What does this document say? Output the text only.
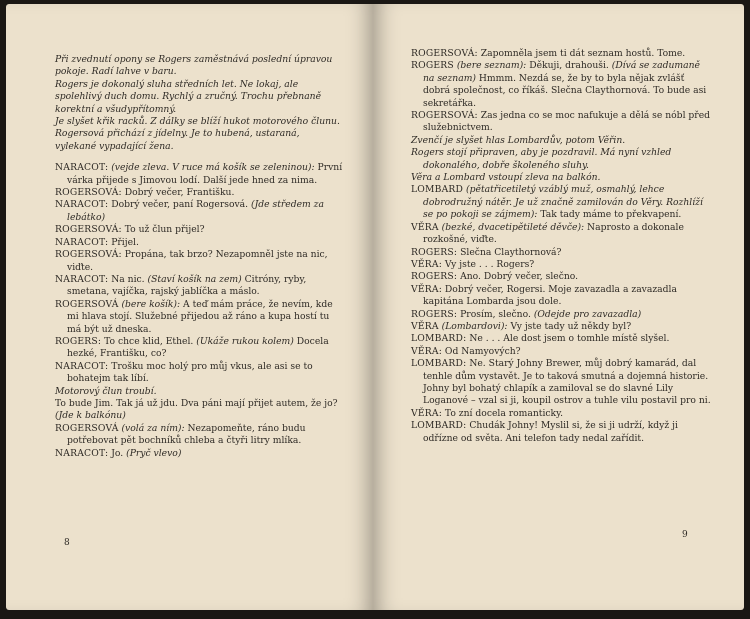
Při zvednutí opony se Rogers zaměstnává poslední úpravou pokoje. Radí lahve v baru.

Rogers je dokonalý sluha středních let. Ne lokaj, ale spolehlivý duch domu. Rychlý a zručný. Trochu přebnaně korektní a všudypřítomný.

Je slyšet křik racků. Z dálky se blíží hukot motorového člunu.

Rogersová přichází z jídelny. Je to hubená, ustaraná, vylekané vypadající žena.

NARACOT: (vejde zleva. V ruce má košík se zeleninou): První várka přijede s Jimovou lodí. Další jede hned za nima.

ROGERSOVÁ: Dobrý večer, Františku.

NARACOT: Dobrý večer, paní Rogersová. (Jde středem za lebátko)

ROGERSOVÁ: To už člun přijel?

NARACOT: Přijel.

ROGERSOVÁ: Propána, tak brzo? Nezapomněl jste na nic, viďte.

NARACOT: Na nic. (Staví košík na zem) Citróny, ryby, smetana, vajíčka, rajský jablíčka a máslo.

ROGERSOVÁ (bere košík): A teď mám práce, že nevím, kde mi hlava stojí. Služebné přijedou až ráno a kupa hostí tu má být už dneska.

ROGERS: To chce klid, Ethel. (Ukáže rukou kolem) Docela hezké, Františku, co?

NARACOT: Trošku moc holý pro můj vkus, ale asi se to bohatejm tak líbí.

Motorový člun troubí.

To bude Jim. Tak já už jdu. Dva páni mají přijet autem, že jo?

(Jde k balkónu)

ROGERSOVÁ (volá za ním): Nezapomeňte, ráno budu potřebovat pět bochníků chleba a čtyři litry mlíka.

NARACOT: Jo. (Pryč vlevo)

8

ROGERSOVÁ: Zapomněla jsem ti dát seznam hostů. Tome.

ROGERS (bere seznam): Děkuji, drahouši. (Dívá se zadumaně na seznam) Hmmm. Nezdá se, že by to byla nějak zvlášť dobrá společnost, co říkáš. Slečna Claythornová. To bude asi sekretářka.

ROGERSOVÁ: Zas jedna co se moc nafukuje a dělá se nóbl před služebnictvem.

Zvenčí je slyšet hlas Lombardův, potom Věřin.

Rogers stojí připraven, aby je pozdravil. Má nyní vzhled dokonalého, dobře školeného sluhy.

Věra a Lombard vstoupí zleva na balkón.

LOMBARD (pětatřicetiletý vzáblý muž, osmahlý, lehce dobrodružný nátěr. Je už značně zamilován do Věry. Rozhlíží se po pokoji se zájmem): Tak tady máme to překvapení.

VĚRA (bezké, dvacetipětileté děvče): Naprosto a dokonale rozkošné, viďte.

ROGERS: Slečna Claythornová?

VĚRA: Vy jste . . . Rogers?

ROGERS: Ano. Dobrý večer, slečno.

VĚRA: Dobrý večer, Rogersi. Moje zavazadla a zavazadla kapitána Lombarda jsou dole.

ROGERS: Prosím, slečno. (Odejde pro zavazadla)

VĚRA (Lombardovi): Vy jste tady už někdy byl?

LOMBARD: Ne . . . Ale dost jsem o tomhle místě slyšel.

VĚRA: Od Namyových?

LOMBARD: Ne. Starý Johny Brewer, můj dobrý kamarád, dal tenhle dům vystavět. Je to taková smutná a dojemná historie. Johny byl bohatý chlapík a zamiloval se do slavné Lily Loganové – vzal si ji, koupil ostrov a tuhle vilu postavil pro ni.

VĚRA: To zní docela romanticky.

LOMBARD: Chudák Johny! Myslil si, že si ji udrží, když ji odříznе od světa. Ani telefon tady nedal zařídit.

9
